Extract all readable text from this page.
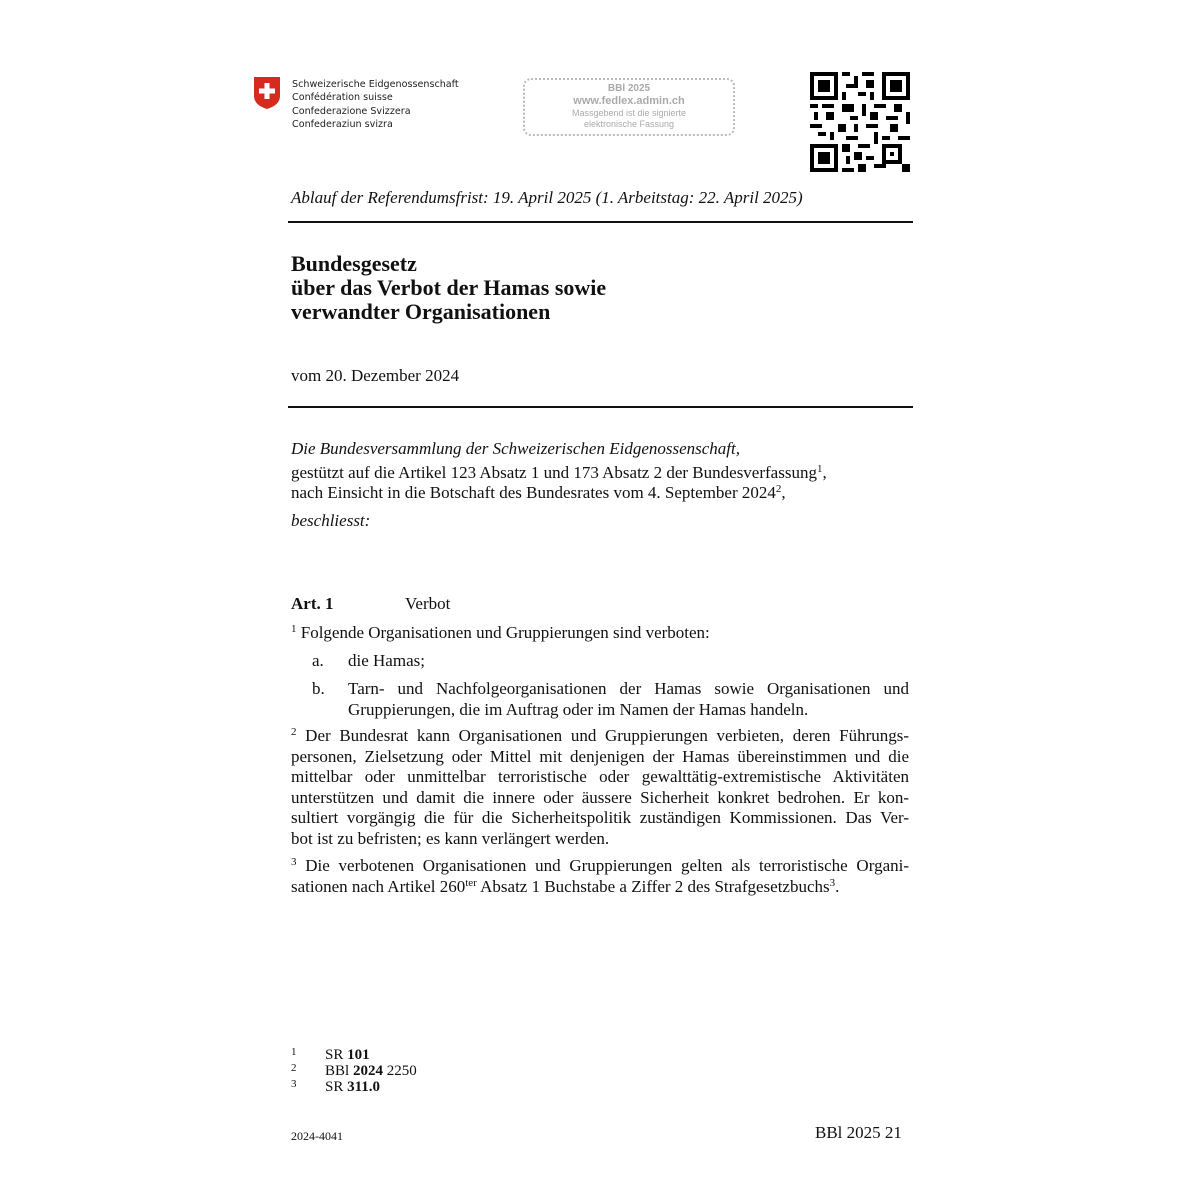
Schweizerische Eidgenossenschaft
Confédération suisse
Confederazione Svizzera
Confederaziun svizra
BBl 2025
www.fedlex.admin.ch
Massgebend ist die signierte
elektronische Fassung
Ablauf der Referendumsfrist: 19. April 2025 (1. Arbeitstag: 22. April 2025)
Bundesgesetz
über das Verbot der Hamas sowie
verwandter Organisationen
vom 20. Dezember 2024
Die Bundesversammlung der Schweizerischen Eidgenossenschaft,
gestützt auf die Artikel 123 Absatz 1 und 173 Absatz 2 der Bundesverfassung$^1$,
nach Einsicht in die Botschaft des Bundesrates vom 4. September 2024$^2$,
beschliesst:
Art. 1	Verbot
$^1$ Folgende Organisationen und Gruppierungen sind verboten:
a. die Hamas;
b. Tarn- und Nachfolgeorganisationen der Hamas sowie Organisationen und
Gruppierungen, die im Auftrag oder im Namen der Hamas handeln.
$^2$ Der Bundesrat kann Organisationen und Gruppierungen verbieten, deren Führungs-
personen, Zielsetzung oder Mittel mit denjenigen der Hamas übereinstimmen und die
mittelbar oder unmittelbar terroristische oder gewalttätig-extremistische Aktivitäten
unterstützen und damit die innere oder äussere Sicherheit konkret bedrohen. Er kon-
sultiert vorgängig die für die Sicherheitspolitik zuständigen Kommissionen. Das Ver-
bot ist zu befristen; es kann verlängert werden.
$^3$ Die verbotenen Organisationen und Gruppierungen gelten als terroristische Organi-
sationen nach Artikel $260^{ter}$ Absatz 1 Buchstabe a Ziffer 2 des Strafgesetzbuchs$^3$.
1 SR 101
2 BBl 2024 2250
3 SR 311.0
2024-4041	BBl 2025 21
